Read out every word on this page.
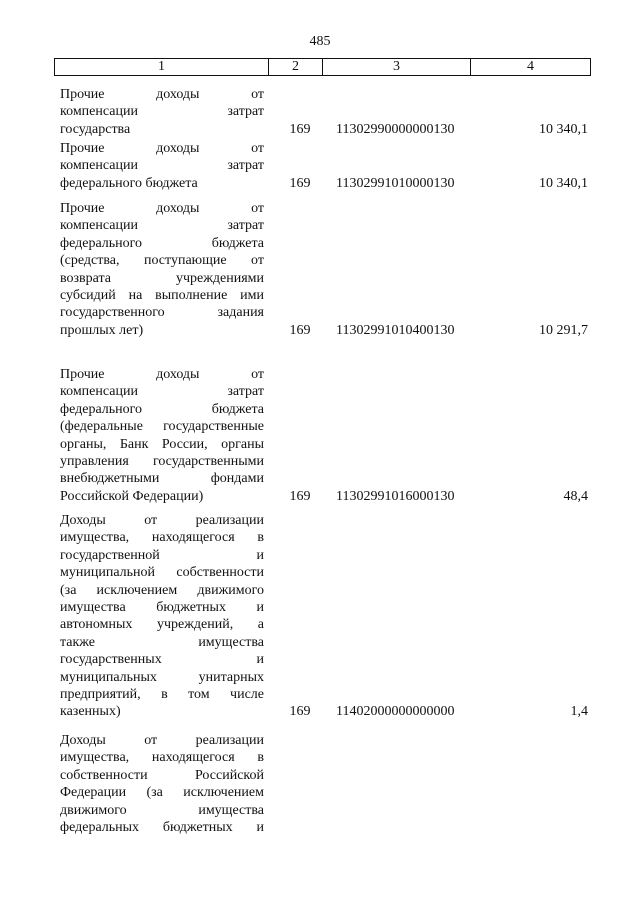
485
1	2	3	4
Прочие доходы от
компенсации затрат
государства	169	11302990000000130	10 340,1
Прочие доходы от
компенсации затрат
федерального бюджета	169	11302991010000130	10 340,1
Прочие доходы от
компенсации затрат
федерального бюджета
(средства, поступающие от
возврата учреждениями
субсидий на выполнение ими
государственного задания
прошлых лет)	169	11302991010400130	10 291,7
Прочие доходы от
компенсации затрат
федерального бюджета
(федеральные государственные
органы, Банк России, органы
управления государственными
внебюджетными фондами
Российской Федерации)	169	11302991016000130	48,4
Доходы от реализации
имущества, находящегося в
государственной и
муниципальной собственности
(за исключением движимого
имущества бюджетных и
автономных учреждений, а
также имущества
государственных и
муниципальных унитарных
предприятий, в том числе
казенных)	169	11402000000000000	1,4
Доходы от реализации
имущества, находящегося в
собственности Российской
Федерации (за исключением
движимого имущества
федеральных бюджетных и
